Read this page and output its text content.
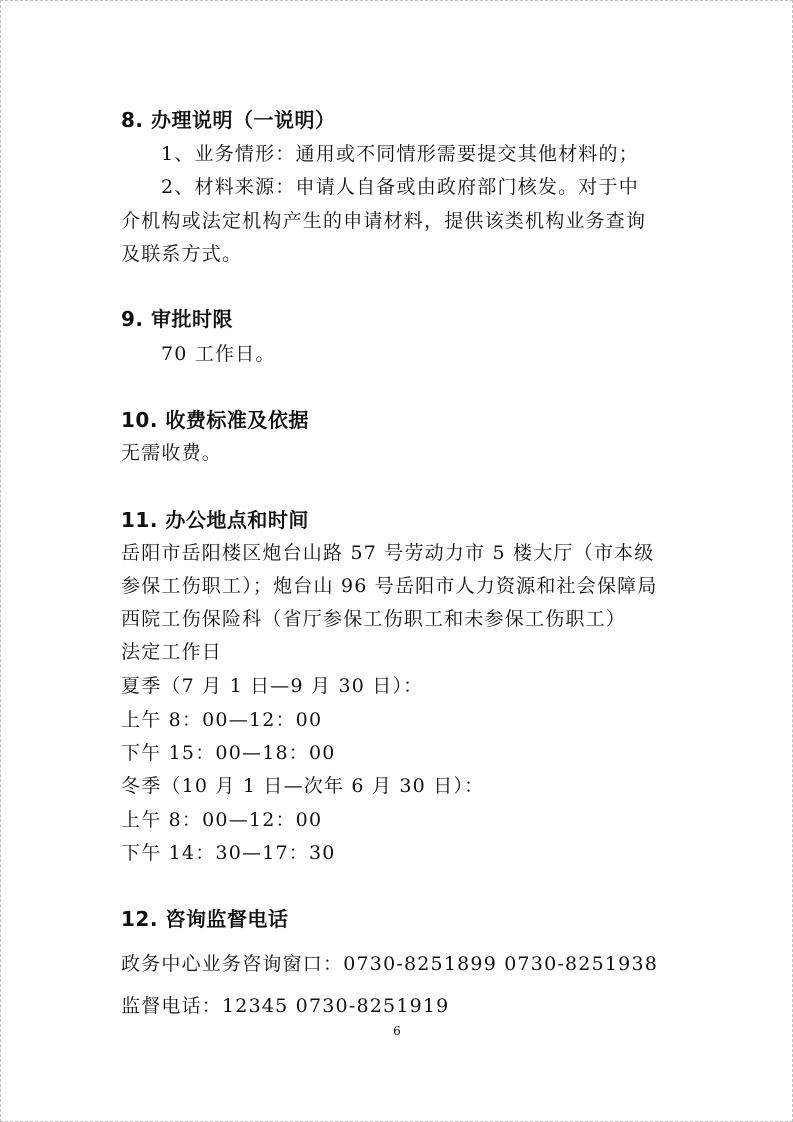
8. 办理说明（一说明）
1、业务情形：通用或不同情形需要提交其他材料的；
2、材料来源：申请人自备或由政府部门核发。对于中
介机构或法定机构产生的申请材料，提供该类机构业务查询
及联系方式。
9. 审批时限
70 工作日。
10. 收费标准及依据
无需收费。
11. 办公地点和时间
岳阳市岳阳楼区炮台山路 57 号劳动力市 5 楼大厅（市本级
参保工伤职工）；炮台山 96 号岳阳市人力资源和社会保障局
西院工伤保险科（省厅参保工伤职工和未参保工伤职工）
法定工作日
夏季（7 月 1 日—9 月 30 日）：
上午 8：00—12：00
下午 15：00—18：00
冬季（10 月 1 日—次年 6 月 30 日）：
上午 8：00—12：00
下午 14：30—17：30
12. 咨询监督电话
政务中心业务咨询窗口：0730-8251899 0730-8251938
监督电话：12345 0730-8251919
6
